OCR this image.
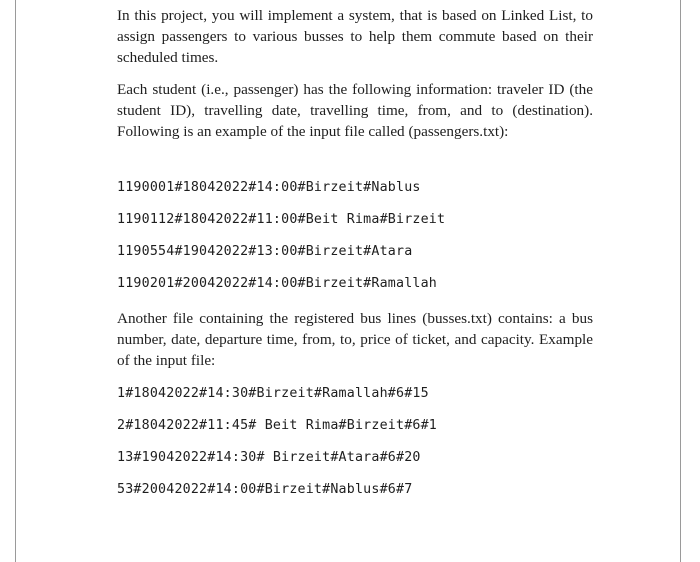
In this project, you will implement a system, that is based on Linked List, to assign passengers to various busses to help them commute based on their scheduled times.

Each student (i.e., passenger) has the following information: traveler ID (the student ID), travelling date, travelling time, from, and to (destination). Following is an example of the input file called (passengers.txt):

1190001#18042022#14:00#Birzeit#Nablus

1190112#18042022#11:00#Beit Rima#Birzeit

1190554#19042022#13:00#Birzeit#Atara

1190201#20042022#14:00#Birzeit#Ramallah

Another file containing the registered bus lines (busses.txt) contains: a bus number, date, departure time, from, to, price of ticket, and capacity. Example of the input file:

1#18042022#14:30#Birzeit#Ramallah#6#15

2#18042022#11:45# Beit Rima#Birzeit#6#1

13#19042022#14:30# Birzeit#Atara#6#20

53#20042022#14:00#Birzeit#Nablus#6#7
